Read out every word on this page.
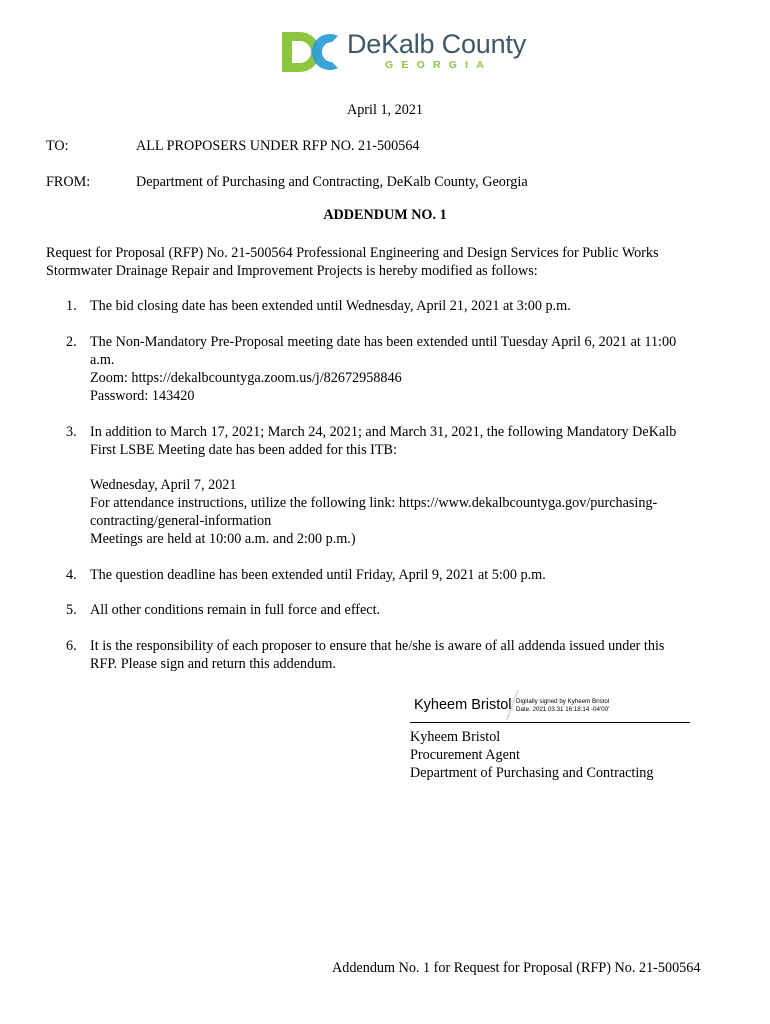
DeKalb County
GEORGIA
April 1, 2021
TO:	ALL PROPOSERS UNDER RFP NO. 21-500564
FROM:	Department of Purchasing and Contracting, DeKalb County, Georgia
ADDENDUM NO. 1
Request for Proposal (RFP) No. 21-500564 Professional Engineering and Design Services for Public Works
Stormwater Drainage Repair and Improvement Projects is hereby modified as follows:
1. The bid closing date has been extended until Wednesday, April 21, 2021 at 3:00 p.m.
2. The Non-Mandatory Pre-Proposal meeting date has been extended until Tuesday April 6, 2021 at 11:00
a.m.
Zoom: https://dekalbcountyga.zoom.us/j/82672958846
Password: 143420
3. In addition to March 17, 2021; March 24, 2021; and March 31, 2021, the following Mandatory DeKalb
First LSBE Meeting date has been added for this ITB:
Wednesday, April 7, 2021
For attendance instructions, utilize the following link: https://www.dekalbcountyga.gov/purchasing-
contracting/general-information
Meetings are held at 10:00 a.m. and 2:00 p.m.)
4. The question deadline has been extended until Friday, April 9, 2021 at 5:00 p.m.
5. All other conditions remain in full force and effect.
6. It is the responsibility of each proposer to ensure that he/she is aware of all addenda issued under this
RFP. Please sign and return this addendum.
Kyheem Bristol Digitally signed by Kyheem Bristol
Date: 2021.03.31 16:18:14 -04'00'
Kyheem Bristol
Procurement Agent
Department of Purchasing and Contracting
Addendum No. 1 for Request for Proposal (RFP) No. 21-500564
